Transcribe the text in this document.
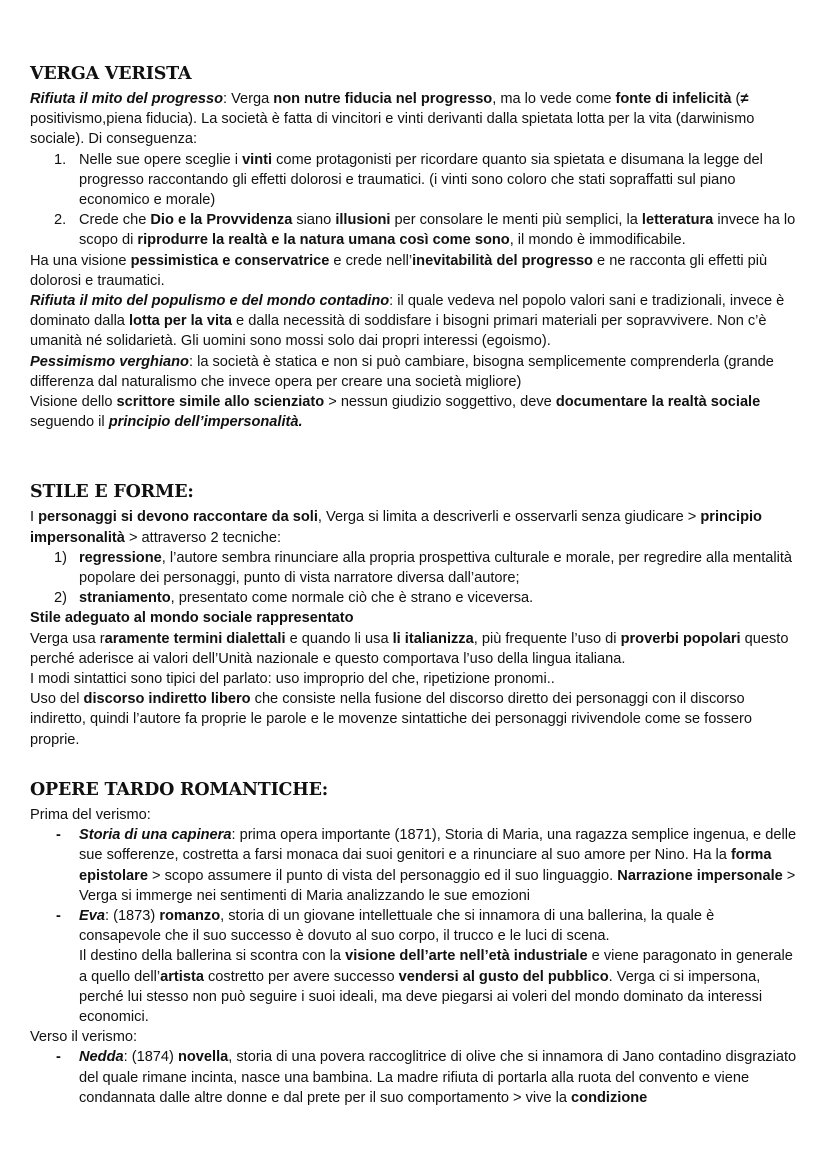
VERGA VERISTA

Rifiuta il mito del progresso: Verga non nutre fiducia nel progresso, ma lo vede come fonte di infelicità (≠ positivismo,piena fiducia). La società è fatta di vincitori e vinti derivanti dalla spietata lotta per la vita (darwinismo sociale). Di conseguenza:

1. Nelle sue opere sceglie i vinti come protagonisti per ricordare quanto sia spietata e disumana la legge del progresso raccontando gli effetti dolorosi e traumatici. (i vinti sono coloro che stati sopraffatti sul piano economico e morale)
2. Crede che Dio e la Provvidenza siano illusioni per consolare le menti più semplici, la letteratura invece ha lo scopo di riprodurre la realtà e la natura umana così come sono, il mondo è immodificabile.

Ha una visione pessimistica e conservatrice e crede nell’inevitabilità del progresso e ne racconta gli effetti più dolorosi e traumatici.

Rifiuta il mito del populismo e del mondo contadino: il quale vedeva nel popolo valori sani e tradizionali, invece è dominato dalla lotta per la vita e dalla necessità di soddisfare i bisogni primari materiali per sopravvivere. Non c’è umanità né solidarietà. Gli uomini sono mossi solo dai propri interessi (egoismo).

Pessimismo verghiano: la società è statica e non si può cambiare, bisogna semplicemente comprenderla (grande differenza dal naturalismo che invece opera per creare una società migliore)

Visione dello scrittore simile allo scienziato > nessun giudizio soggettivo, deve documentare la realtà sociale seguendo il principio dell’impersonalità.

STILE E FORME:

I personaggi si devono raccontare da soli, Verga si limita a descriverli e osservarli senza giudicare > principio impersonalità > attraverso 2 tecniche:

1) regressione, l’autore sembra rinunciare alla propria prospettiva culturale e morale, per regredire alla mentalità popolare dei personaggi, punto di vista narratore diversa dall’autore;
2) straniamento, presentato come normale ciò che è strano e viceversa.

Stile adeguato al mondo sociale rappresentato

Verga usa raramente termini dialettali e quando li usa li italianizza, più frequente l’uso di proverbi popolari questo perché aderisce ai valori dell’Unità nazionale e questo comportava l’uso della lingua italiana.

I modi sintattici sono tipici del parlato: uso improprio del che, ripetizione pronomi..

Uso del discorso indiretto libero che consiste nella fusione del discorso diretto dei personaggi con il discorso indiretto, quindi l’autore fa proprie le parole e le movenze sintattiche dei personaggi rivivendole come se fossero proprie.

OPERE TARDO ROMANTICHE:

Prima del verismo:

- Storia di una capinera: prima opera importante (1871), Storia di Maria, una ragazza semplice ingenua, e delle sue sofferenze, costretta a farsi monaca dai suoi genitori e a rinunciare al suo amore per Nino. Ha la forma epistolare > scopo assumere il punto di vista del personaggio ed il suo linguaggio. Narrazione impersonale > Verga si immerge nei sentimenti di Maria analizzando le sue emozioni
- Eva: (1873) romanzo, storia di un giovane intellettuale che si innamora di una ballerina, la quale è consapevole che il suo successo è dovuto al suo corpo, il trucco e le luci di scena.
Il destino della ballerina si scontra con la visione dell’arte nell’età industriale e viene paragonato in generale a quello dell’artista costretto per avere successo vendersi al gusto del pubblico. Verga ci si impersona, perché lui stesso non può seguire i suoi ideali, ma deve piegarsi ai voleri del mondo dominato da interessi economici.

Verso il verismo:

- Nedda: (1874) novella, storia di una povera raccoglitrice di olive che si innamora di Jano contadino disgraziato del quale rimane incinta, nasce una bambina. La madre rifiuta di portarla alla ruota del convento e viene condannata dalle altre donne e dal prete per il suo comportamento > vive la condizione
